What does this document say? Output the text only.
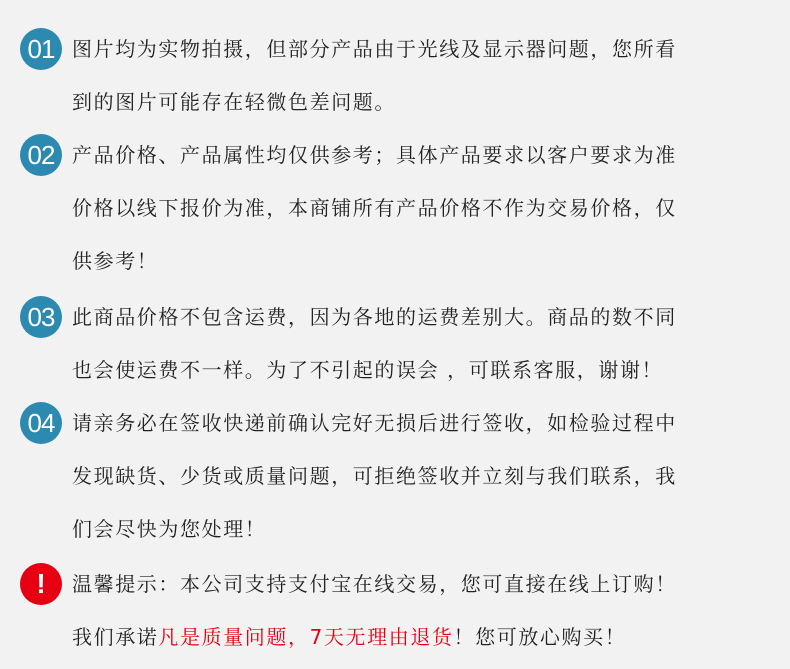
01 图片均为实物拍摄，但部分产品由于光线及显示器问题，您所看
到的图片可能存在轻微色差问题。
02 产品价格、产品属性均仅供参考；具体产品要求以客户要求为准
价格以线下报价为准，本商铺所有产品价格不作为交易价格，仅
供参考！
03 此商品价格不包含运费，因为各地的运费差别大。商品的数不同
也会使运费不一样。为了不引起的误会 ，可联系客服，谢谢！
04 请亲务必在签收快递前确认完好无损后进行签收，如检验过程中
发现缺货、少货或质量问题，可拒绝签收并立刻与我们联系，我
们会尽快为您处理！
!	温馨提示：本公司支持支付宝在线交易，您可直接在线上订购！
我们承诺凡是质量问题，7天无理由退货！您可放心购买！
